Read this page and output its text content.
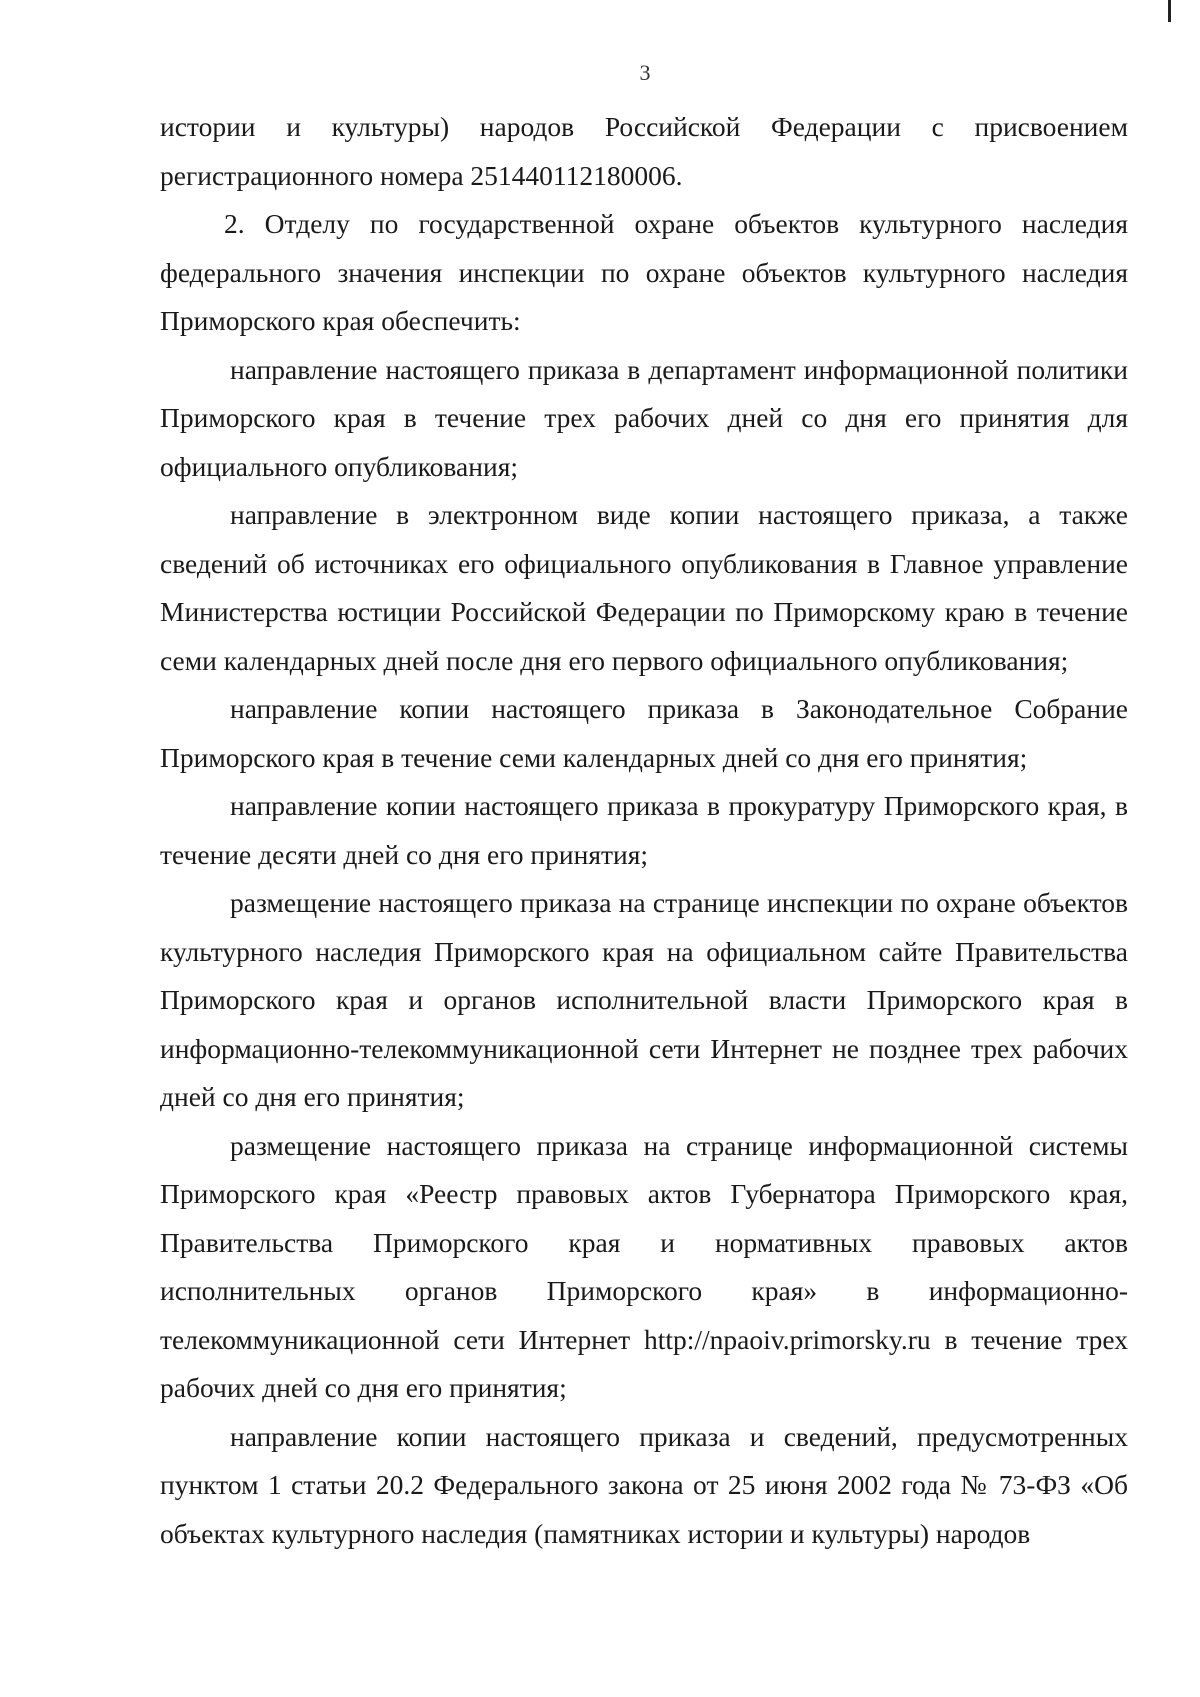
3

истории и культуры) народов Российской Федерации с присвоением регистрационного номера 251440112180006.

2. Отделу по государственной охране объектов культурного наследия федерального значения инспекции по охране объектов культурного наследия Приморского края обеспечить:

направление настоящего приказа в департамент информационной политики Приморского края в течение трех рабочих дней со дня его принятия для официального опубликования;

направление в электронном виде копии настоящего приказа, а также сведений об источниках его официального опубликования в Главное управление Министерства юстиции Российской Федерации по Приморскому краю в течение семи календарных дней после дня его первого официального опубликования;

направление копии настоящего приказа в Законодательное Собрание Приморского края в течение семи календарных дней со дня его принятия;

направление копии настоящего приказа в прокуратуру Приморского края, в течение десяти дней со дня его принятия;

размещение настоящего приказа на странице инспекции по охране объектов культурного наследия Приморского края на официальном сайте Правительства Приморского края и органов исполнительной власти Приморского края в информационно-телекоммуникационной сети Интернет не позднее трех рабочих дней со дня его принятия;

размещение настоящего приказа на странице информационной системы Приморского края «Реестр правовых актов Губернатора Приморского края, Правительства Приморского края и нормативных правовых актов исполнительных органов Приморского края» в информационно-телекоммуникационной сети Интернет http://npaoiv.primorsky.ru в течение трех рабочих дней со дня его принятия;

направление копии настоящего приказа и сведений, предусмотренных пунктом 1 статьи 20.2 Федерального закона от 25 июня 2002 года № 73-ФЗ «Об объектах культурного наследия (памятниках истории и культуры) народов
